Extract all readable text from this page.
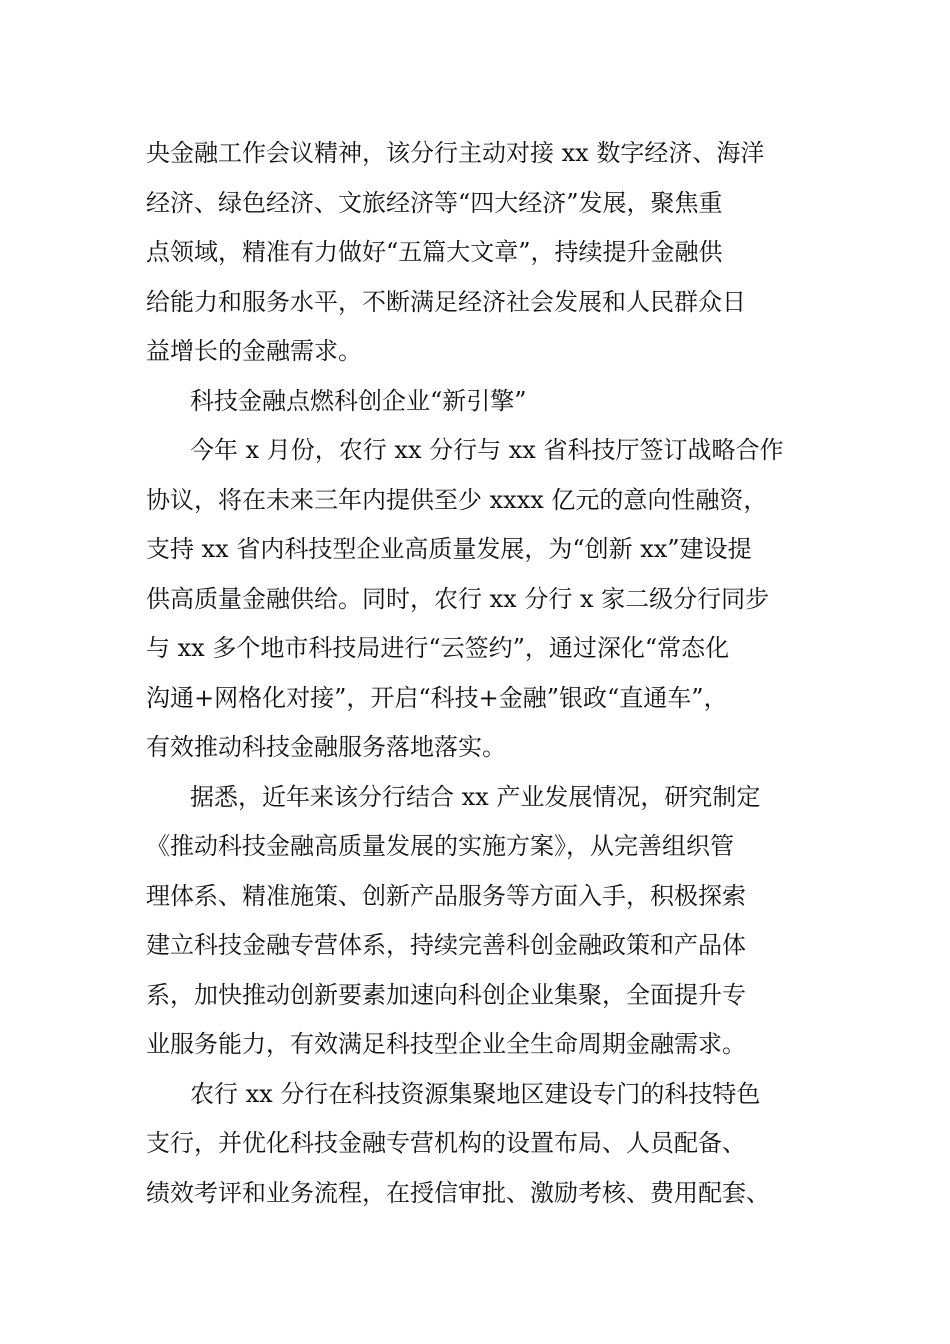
央金融工作会议精神，该分行主动对接 xx 数字经济、海洋
经济、绿色经济、文旅经济等“四大经济”发展，聚焦重
点领域，精准有力做好“五篇大文章”，持续提升金融供
给能力和服务水平，不断满足经济社会发展和人民群众日
益增长的金融需求。
科技金融点燃科创企业“新引擎”
今年 x 月份，农行 xx 分行与 xx 省科技厅签订战略合作
协议，将在未来三年内提供至少 xxxx 亿元的意向性融资，
支持 xx 省内科技型企业高质量发展，为“创新 xx”建设提
供高质量金融供给。同时，农行 xx 分行 x 家二级分行同步
与 xx 多个地市科技局进行“云签约”，通过深化“常态化
沟通+网格化对接”，开启“科技+金融”银政“直通车”，
有效推动科技金融服务落地落实。
据悉，近年来该分行结合 xx 产业发展情况，研究制定
《推动科技金融高质量发展的实施方案》，从完善组织管
理体系、精准施策、创新产品服务等方面入手，积极探索
建立科技金融专营体系，持续完善科创金融政策和产品体
系，加快推动创新要素加速向科创企业集聚，全面提升专
业服务能力，有效满足科技型企业全生命周期金融需求。
农行 xx 分行在科技资源集聚地区建设专门的科技特色
支行，并优化科技金融专营机构的设置布局、人员配备、
绩效考评和业务流程，在授信审批、激励考核、费用配套、
